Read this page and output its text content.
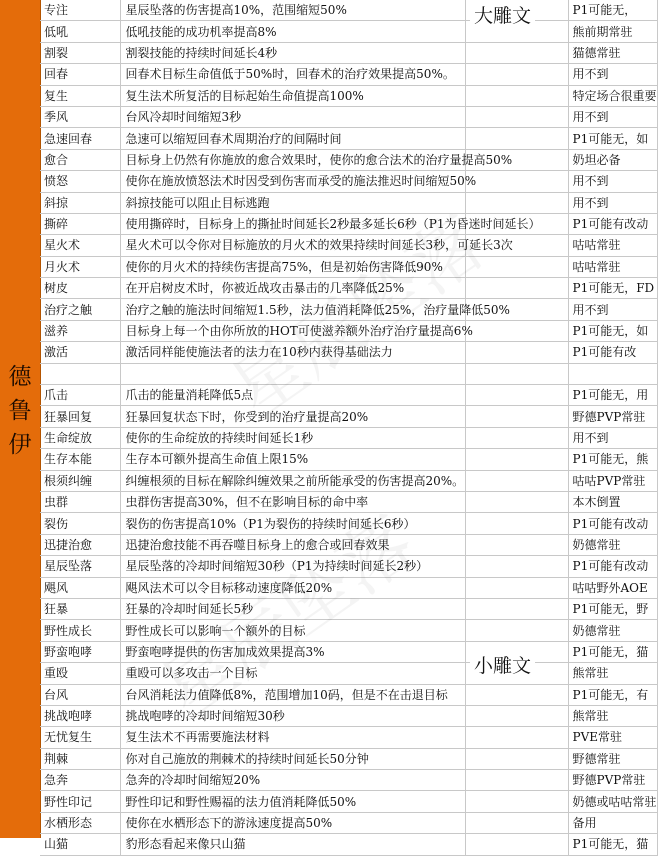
德
鲁
伊
专注	星辰坠落的伤害提高10%，范围缩短50%		P1可能无，
低吼	低吼技能的成功机率提高8%		熊前期常驻
割裂	割裂技能的持续时间延长4秒		猫德常驻
回春	回春术目标生命值低于50%时，回春术的治疗效果提高50%。		用不到
复生	复生法术所复活的目标起始生命值提高100%		特定场合很重要
季风	台风冷却时间缩短3秒		用不到
急速回春	急速可以缩短回春术周期治疗的间隔时间		P1可能无，如
愈合	目标身上仍然有你施放的愈合效果时，使你的愈合法术的治疗量提高50%		奶坦必备
愤怒	使你在施放愤怒法术时因受到伤害而承受的施法推迟时间缩短50%		用不到
斜掠	斜掠技能可以阻止目标逃跑		用不到
撕碎	使用撕碎时，目标身上的撕扯时间延长2秒最多延长6秒（P1为昏迷时间延长）		P1可能有改动
星火术	星火术可以令你对目标施放的月火术的效果持续时间延长3秒，可延长3次		咕咕常驻
月火术	使你的月火术的持续伤害提高75%，但是初始伤害降低90%		咕咕常驻
树皮	在开启树皮术时，你被近战攻击暴击的几率降低25%		P1可能无，FD
治疗之触	治疗之触的施法时间缩短1.5秒，法力值消耗降低25%，治疗量降低50%		用不到
滋养	目标身上每一个由你所放的HOT可使滋养额外治疗治疗量提高6%		P1可能无，如
激活	激活同样能使施法者的法力在10秒内获得基础法力		P1可能有改

爪击	爪击的能量消耗降低5点		P1可能无，用
狂暴回复	狂暴回复状态下时，你受到的治疗量提高20%		野德PVP常驻
生命绽放	使你的生命绽放的持续时间延长1秒		用不到
生存本能	生存本可额外提高生命值上限15%		P1可能无，熊
根须纠缠	纠缠根须的目标在解除纠缠效果之前所能承受的伤害提高20%。		咕咕PVP常驻
虫群	虫群伤害提高30%，但不在影响目标的命中率		本木倒置
裂伤	裂伤的伤害提高10%（P1为裂伤的持续时间延长6秒）		P1可能有改动
迅捷治愈	迅捷治愈技能不再吞噬目标身上的愈合或回春效果		奶德常驻
星辰坠落	星辰坠落的冷却时间缩短30秒（P1为持续时间延长2秒）		P1可能有改动
飓风	飓风法术可以令目标移动速度降低20%		咕咕野外AOE
狂暴	狂暴的冷却时间延长5秒		P1可能无，野
野性成长	野性成长可以影响一个额外的目标		奶德常驻
野蛮咆哮	野蛮咆哮提供的伤害加成效果提高3%		P1可能无，猫
重殴	重殴可以多攻击一个目标		熊常驻
台风	台风消耗法力值降低8%，范围增加10码，但是不在击退目标		P1可能无，有
挑战咆哮	挑战咆哮的冷却时间缩短30秒		熊常驻
无忧复生	复生法术不再需要施法材料		PVE常驻
荆棘	你对自己施放的荆棘术的持续时间延长50分钟		野德常驻
急奔	急奔的冷却时间缩短20%		野德PVP常驻
野性印记	野性印记和野性赐福的法力值消耗降低50%		奶德或咕咕常驻
水栖形态	使你在水栖形态下的游泳速度提高50%		备用
山猫	豹形态看起来像只山猫		P1可能无，猫
大雕文
小雕文
